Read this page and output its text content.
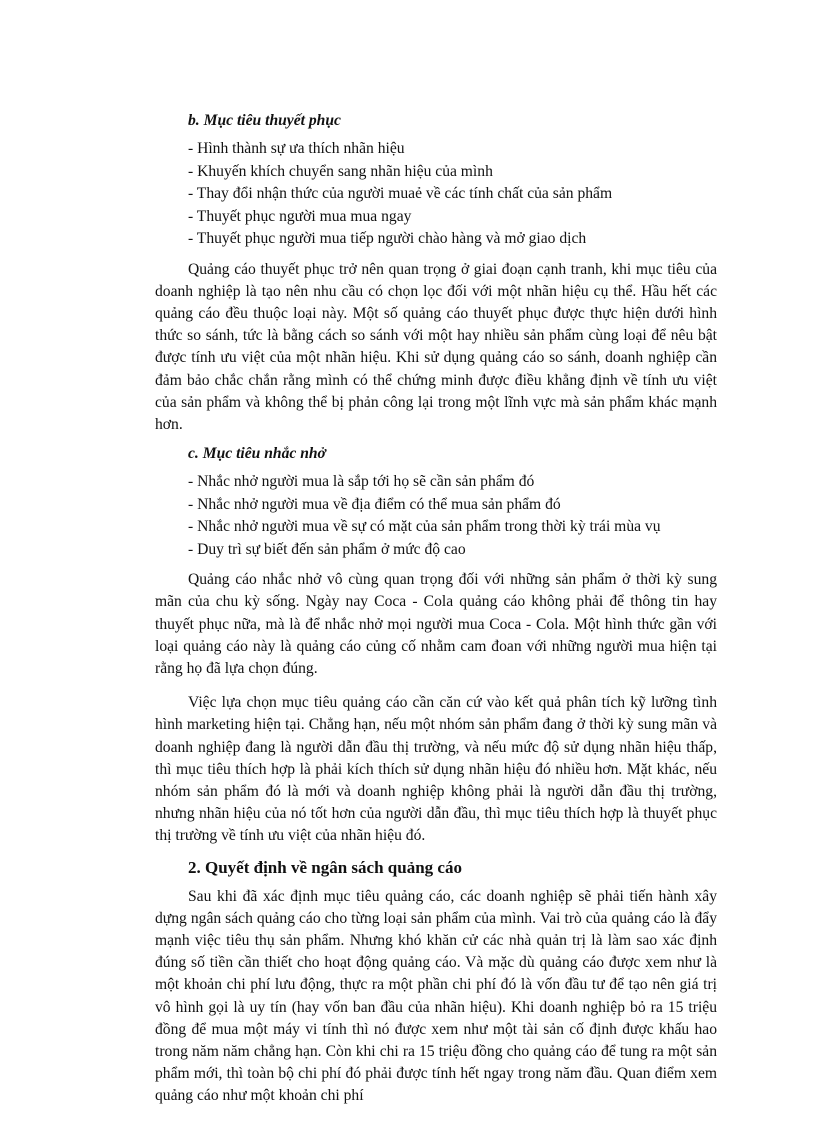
b. Mục tiêu thuyết phục
- Hình thành sự ưa thích nhãn hiệu
- Khuyến khích chuyển sang nhãn hiệu của mình
- Thay đổi nhận thức của người muaẻ về các tính chất của sản phẩm
- Thuyết phục người mua mua ngay
- Thuyết phục người mua tiếp người chào hàng và mở giao dịch

Quảng cáo thuyết phục trở nên quan trọng ở giai đoạn cạnh tranh, khi mục tiêu của doanh nghiệp là tạo nên nhu cầu có chọn lọc đối với một nhãn hiệu cụ thể. Hầu hết các quảng cáo đều thuộc loại này. Một số quảng cáo thuyết phục được thực hiện dưới hình thức so sánh, tức là bằng cách so sánh với một hay nhiều sản phẩm cùng loại để nêu bật được tính ưu việt của một nhãn hiệu. Khi sử dụng quảng cáo so sánh, doanh nghiệp cần đảm bảo chắc chắn rằng mình có thể chứng minh được điều khẳng định về tính ưu việt của sản phẩm và không thể bị phản công lại trong một lĩnh vực mà sản phẩm khác mạnh hơn.

c. Mục tiêu nhắc nhở
- Nhắc nhở người mua là sắp tới họ sẽ cần sản phẩm đó
- Nhắc nhở người mua về địa điểm có thể mua sản phẩm đó
- Nhắc nhở người mua về sự có mặt của sản phẩm trong thời kỳ trái mùa vụ
- Duy trì sự biết đến sản phẩm ở mức độ cao

Quảng cáo nhắc nhở vô cùng quan trọng đối với những sản phẩm ở thời kỳ sung mãn của chu kỳ sống. Ngày nay Coca - Cola quảng cáo không phải để thông tin hay thuyết phục nữa, mà là để nhắc nhở mọi người mua Coca - Cola. Một hình thức gần với loại quảng cáo này là quảng cáo củng cố nhằm cam đoan với những người mua hiện tại rằng họ đã lựa chọn đúng.

Việc lựa chọn mục tiêu quảng cáo cần căn cứ vào kết quả phân tích kỹ lưỡng tình hình marketing hiện tại. Chẳng hạn, nếu một nhóm sản phẩm đang ở thời kỳ sung mãn và doanh nghiệp đang là người dẫn đầu thị trường, và nếu mức độ sử dụng nhãn hiệu thấp, thì mục tiêu thích hợp là phải kích thích sử dụng nhãn hiệu đó nhiều hơn. Mặt khác, nếu nhóm sản phẩm đó là mới và doanh nghiệp không phải là người dẫn đầu thị trường, nhưng nhãn hiệu của nó tốt hơn của người dẫn đầu, thì mục tiêu thích hợp là thuyết phục thị trường về tính ưu việt của nhãn hiệu đó.

2. Quyết định về ngân sách quảng cáo

Sau khi đã xác định mục tiêu quảng cáo, các doanh nghiệp sẽ phải tiến hành xây dựng ngân sách quảng cáo cho từng loại sản phẩm của mình. Vai trò của quảng cáo là đẩy mạnh việc tiêu thụ sản phẩm. Nhưng khó khăn cử các nhà quản trị là làm sao xác định đúng số tiền cần thiết cho hoạt động quảng cáo. Và mặc dù quảng cáo được xem như là một khoản chi phí lưu động, thực ra một phần chi phí đó là vốn đầu tư để tạo nên giá trị vô hình gọi là uy tín (hay vốn ban đầu của nhãn hiệu). Khi doanh nghiệp bỏ ra 15 triệu đồng để mua một máy vi tính thì nó được xem như một tài sản cố định được khấu hao trong năm năm chẳng hạn. Còn khi chi ra 15 triệu đồng cho quảng cáo để tung ra một sản phẩm mới, thì toàn bộ chi phí đó phải được tính hết ngay trong năm đầu. Quan điểm xem quảng cáo như một khoản chi phí
